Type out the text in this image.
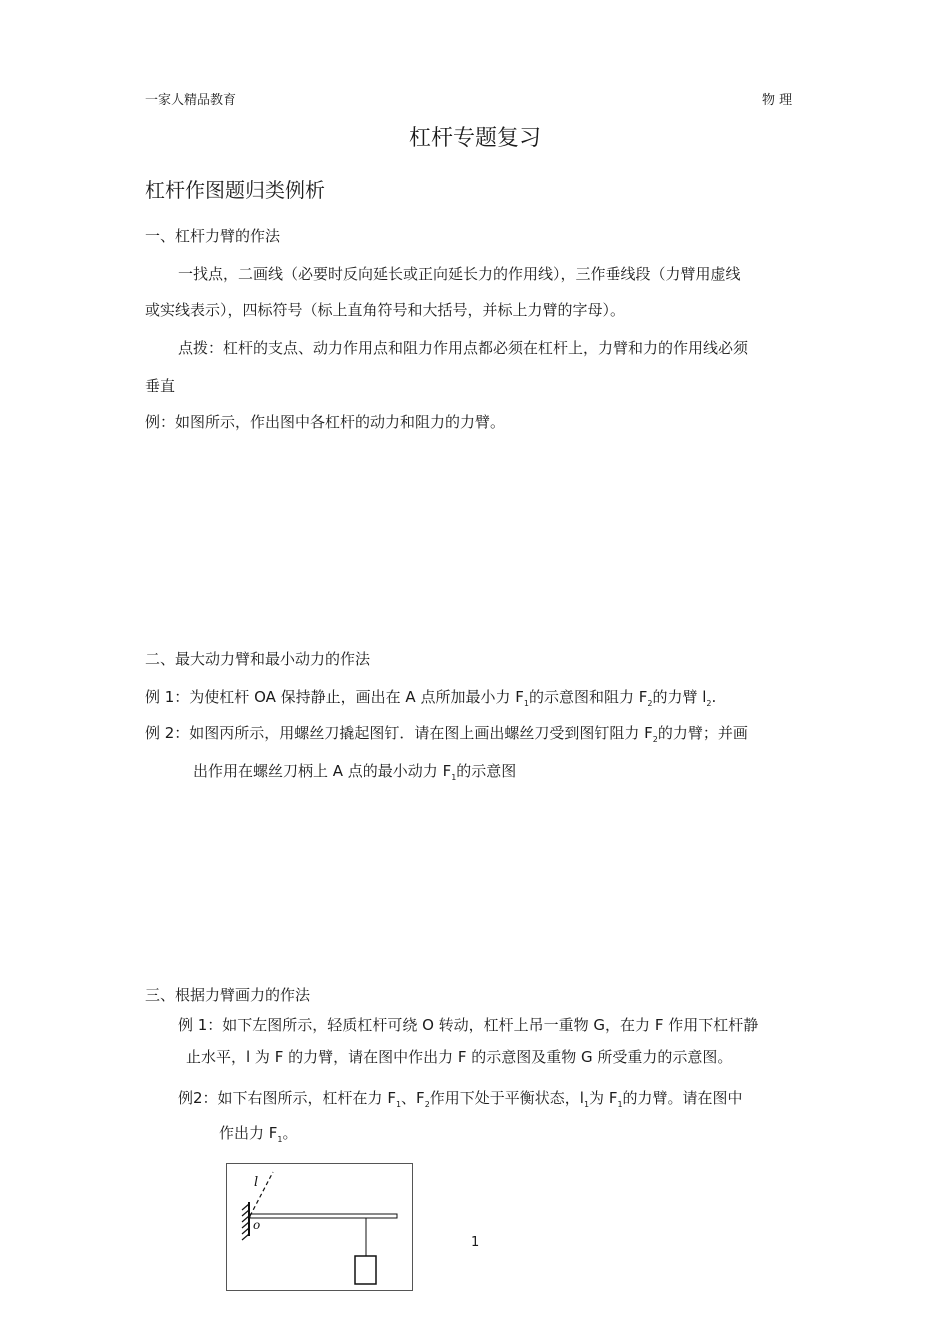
一家人精品教育	物 理
杠杆专题复习
杠杆作图题归类例析
一、杠杆力臂的作法
一找点，二画线（必要时反向延长或正向延长力的作用线），三作垂线段（力臂用虚线
或实线表示），四标符号（标上直角符号和大括号，并标上力臂的字母）。
点拨：杠杆的支点、动力作用点和阻力作用点都必须在杠杆上，力臂和力的作用线必须
垂直
例：如图所示，作出图中各杠杆的动力和阻力的力臂。
二、最大动力臂和最小动力的作法
例 1：为使杠杆 OA 保持静止，画出在 A 点所加最小力 $F_1$的示意图和阻力 $F_2$的力臂 $l_2$.
例 2：如图丙所示，用螺丝刀撬起图钉．请在图上画出螺丝刀受到图钉阻力 $F_2$的力臂；并画
出作用在螺丝刀柄上 A 点的最小动力 $F_1$的示意图
三、根据力臂画力的作法
例 1：如下左图所示，轻质杠杆可绕 O 转动，杠杆上吊一重物 G，在力 F 作用下杠杆静
止水平，l 为 F 的力臂，请在图中作出力 F 的示意图及重物 G 所受重力的示意图。
例2：如下右图所示，杠杆在力 $F_1$、$F_2$作用下处于平衡状态，$l_1$为 $F_1$的力臂。请在图中
作出力 $F_1$。
l
o
1
